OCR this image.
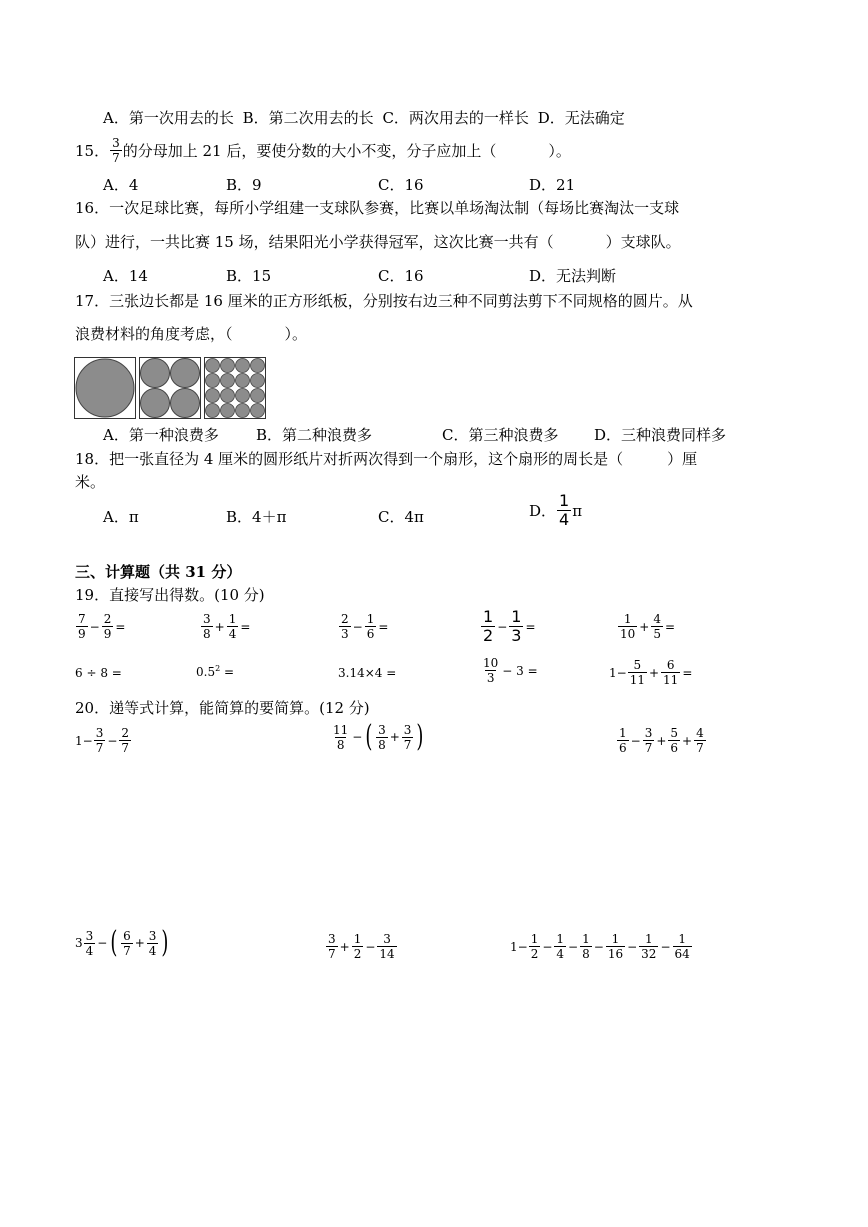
A．第一次用去的长 B．第二次用去的长 C．两次用去的一样长 D．无法确定
15． $\frac{3}{7}$ 的分母加上 21 后，要使分数的大小不变，分子应加上（	）。
A．4	B．9	C．16	D．21
16．一次足球比赛，每所小学组建一支球队参赛，比赛以单场淘汰制（每场比赛淘汰一支球
队）进行，一共比赛 15 场，结果阳光小学获得冠军，这次比赛一共有（	）支球队。
A．14	B．15	C．16	D．无法判断
17．三张边长都是 16 厘米的正方形纸板，分别按右边三种不同剪法剪下不同规格的圆片。从
浪费材料的角度考虑，（	）。
A．第一种浪费多 B．第二种浪费多	C．第三种浪费多 D．三种浪费同样多
18．把一张直径为 4 厘米的圆形纸片对折两次得到一个扇形，这个扇形的周长是（	）厘
米。
A．π	B．4＋π	C．4π	D． $\frac{1}{4}$ π
三、计算题（共 31 分）
19．直接写出得数。(10 分)
$\frac{7}{9} - \frac{2}{9}$ =	$\frac{3}{8} + \frac{1}{4}$ =	$\frac{2}{3} - \frac{1}{6}$ =	$\frac{1}{2} - \frac{1}{3}$ =	$\frac{1}{10} + \frac{4}{5}$ =
6 ÷ 8 =	$0.5^2$ =	3.14×4 =	$\frac{10}{3} - 3$ =	$1- \frac{5}{11} + \frac{6}{11}$ =
20．递等式计算，能简算的要简算。(12 分)
$1- \frac{3}{7} - \frac{2}{7}$	$\frac{11}{8}$ − ( $\frac{3}{8} + \frac{3}{7}$ )	$\frac{1}{6} - \frac{3}{7} + \frac{5}{6} + \frac{4}{7}$
$3 \frac{3}{4}$ − ( $\frac{6}{7} + \frac{3}{4}$ )	$\frac{3}{7} + \frac{1}{2} - \frac{3}{14}$	$1- \frac{1}{2} - \frac{1}{4} - \frac{1}{8} - \frac{1}{16} - \frac{1}{32} - \frac{1}{64}$
